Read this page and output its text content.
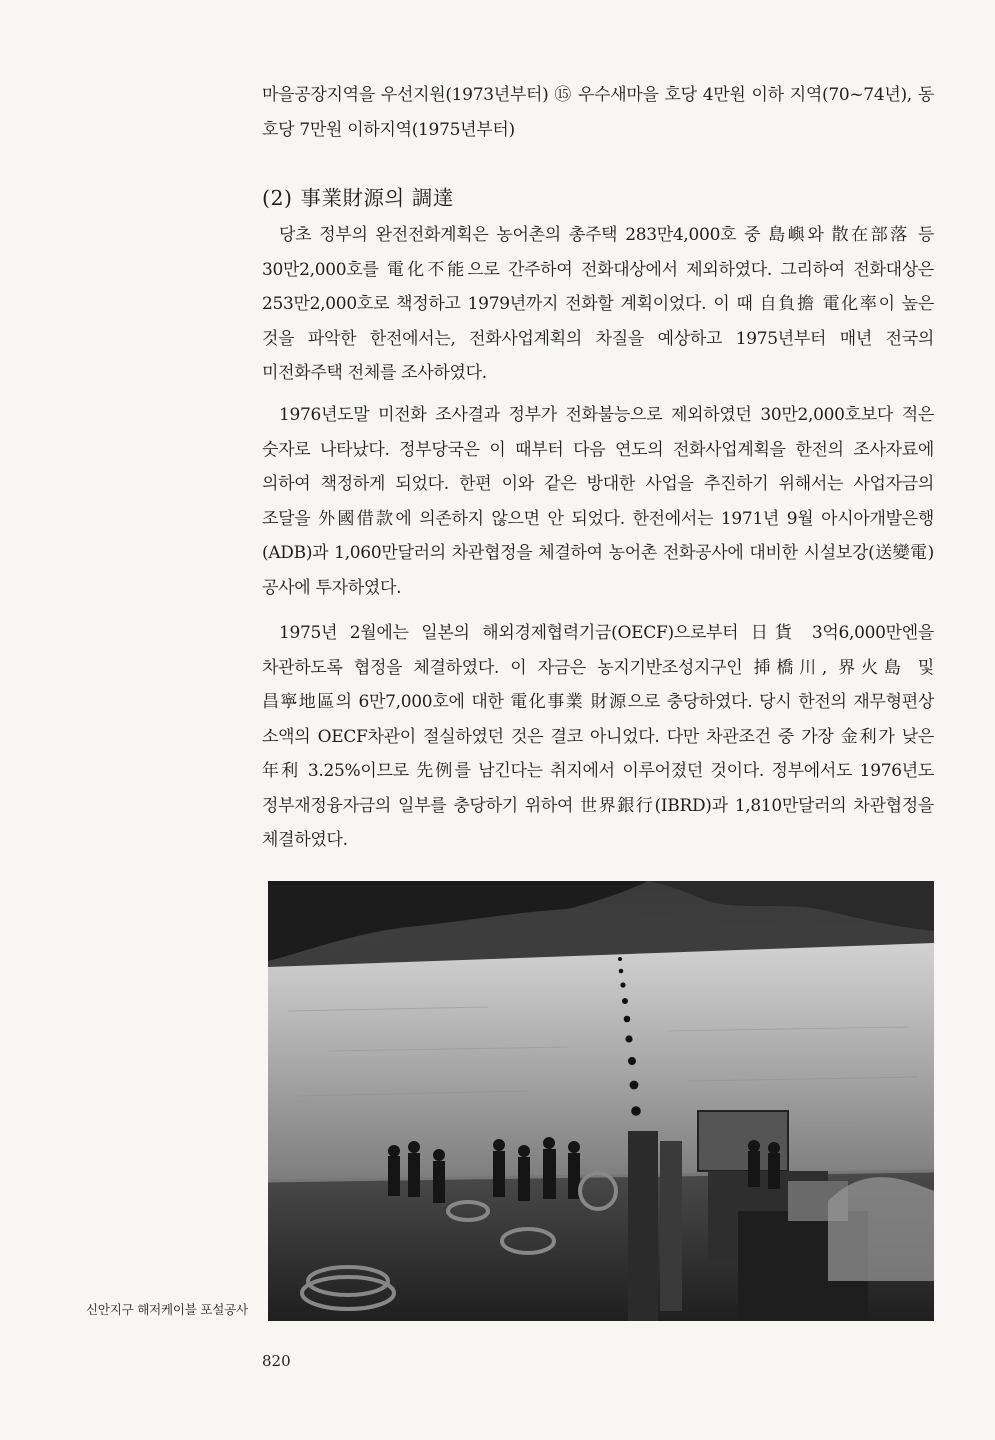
마을공장지역을 우선지원(1973년부터) ⑮ 우수새마을 호당 4만원 이하 지역(70~74년), 동 호당 7만원 이하지역(1975년부터)

(2) 事業財源의 調達

당초 정부의 완전전화계획은 농어촌의 총주택 283만4,000호 중 島嶼와 散在部落 등 30만2,000호를 電化不能으로 간주하여 전화대상에서 제외하였다. 그리하여 전화대상은 253만2,000호로 책정하고 1979년까지 전화할 계획이었다. 이 때 自負擔 電化率이 높은 것을 파악한 한전에서는, 전화사업계획의 차질을 예상하고 1975년부터 매년 전국의 미전화주택 전체를 조사하였다.

1976년도말 미전화 조사결과 정부가 전화불능으로 제외하였던 30만2,000호보다 적은 숫자로 나타났다. 정부당국은 이 때부터 다음 연도의 전화사업계획을 한전의 조사자료에 의하여 책정하게 되었다. 한편 이와 같은 방대한 사업을 추진하기 위해서는 사업자금의 조달을 外國借款에 의존하지 않으면 안 되었다. 한전에서는 1971년 9월 아시아개발은행(ADB)과 1,060만달러의 차관협정을 체결하여 농어촌 전화공사에 대비한 시설보강(送變電)공사에 투자하였다.

1975년 2월에는 일본의 해외경제협력기금(OECF)으로부터 日貨 3억6,000만엔을 차관하도록 협정을 체결하였다. 이 자금은 농지기반조성지구인 揷橋川, 界火島 및 昌寧地區의 6만7,000호에 대한 電化事業 財源으로 충당하였다. 당시 한전의 재무형편상 소액의 OECF차관이 절실하였던 것은 결코 아니었다. 다만 차관조건 중 가장 金利가 낮은 年利 3.25%이므로 先例를 남긴다는 취지에서 이루어졌던 것이다. 정부에서도 1976년도 정부재정융자금의 일부를 충당하기 위하여 世界銀行(IBRD)과 1,810만달러의 차관협정을 체결하였다.

신안지구 해저케이블 포설공사
820
